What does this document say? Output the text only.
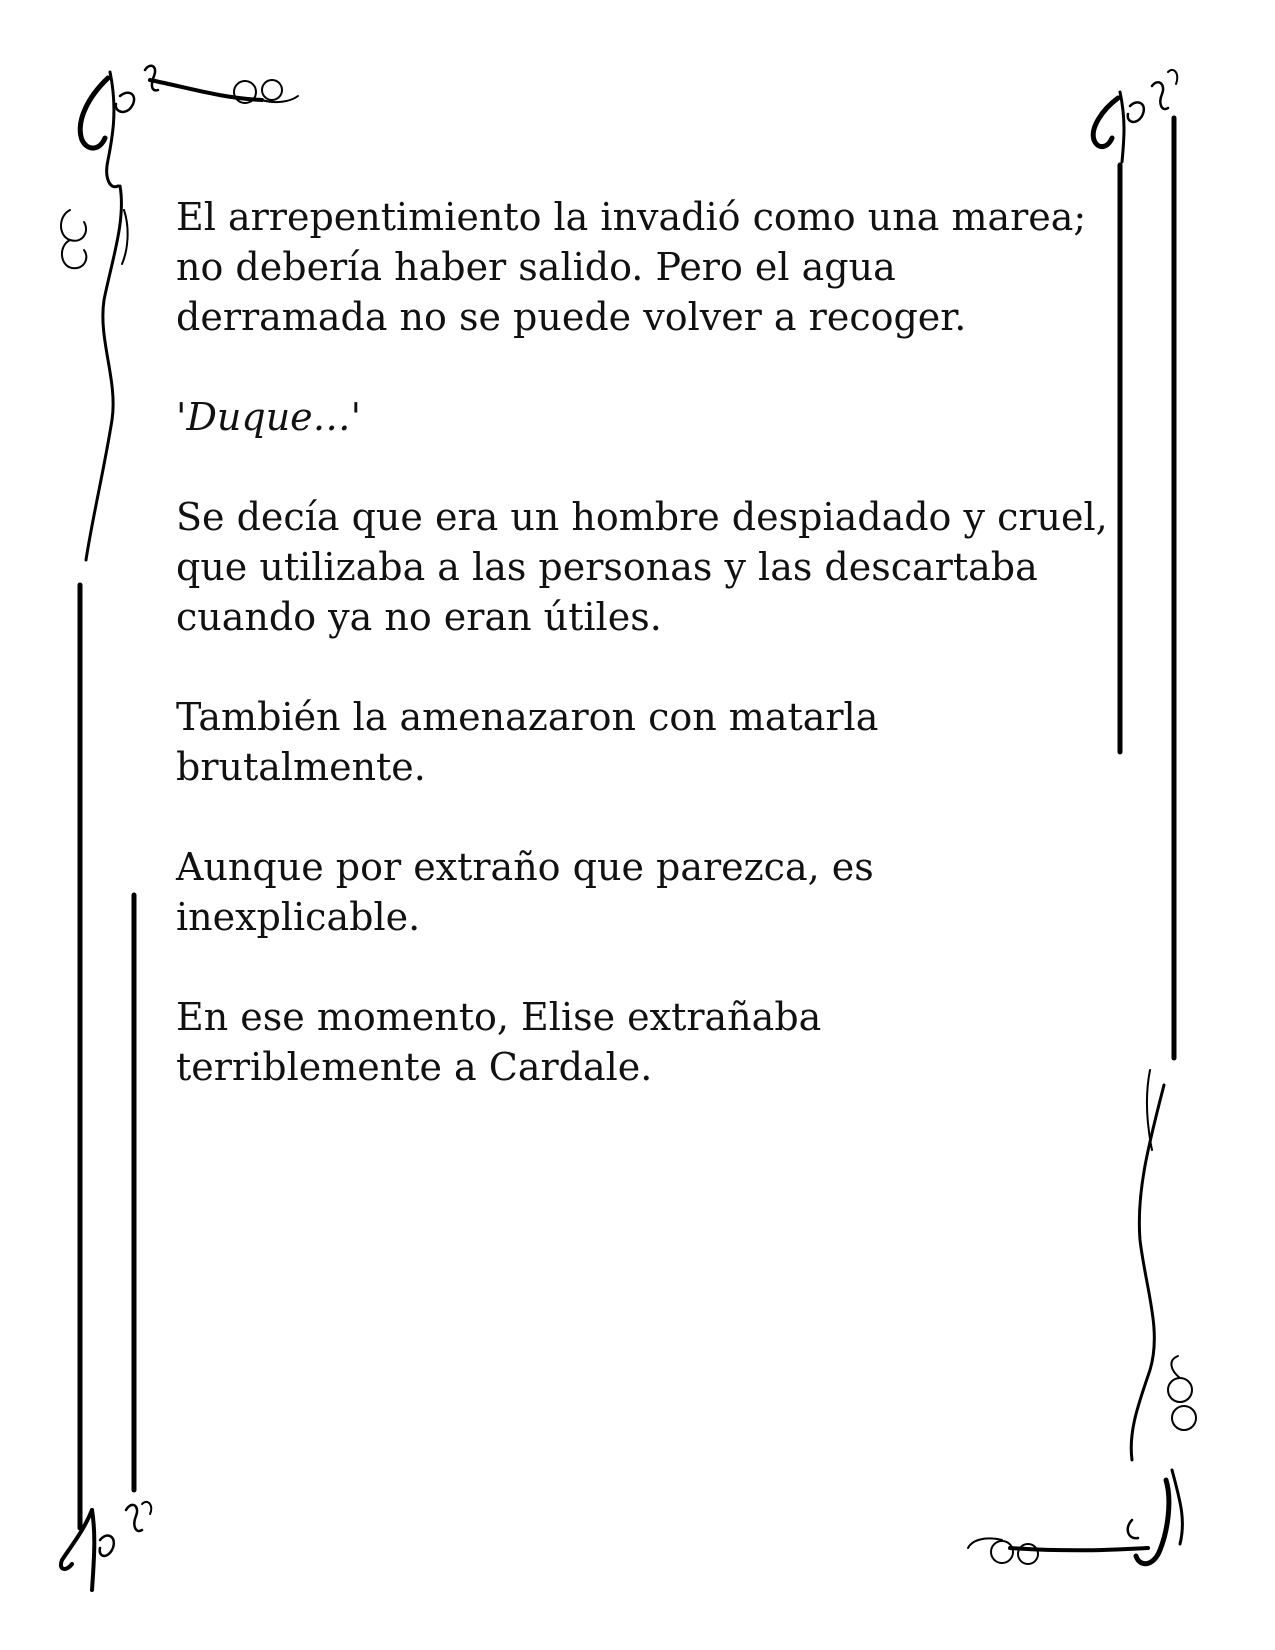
El arrepentimiento la invadió como una marea;
no debería haber salido. Pero el agua
derramada no se puede volver a recoger.

'Duque…'

Se decía que era un hombre despiadado y cruel,
que utilizaba a las personas y las descartaba
cuando ya no eran útiles.

También la amenazaron con matarla
brutalmente.

Aunque por extraño que parezca, es
inexplicable.

En ese momento, Elise extrañaba
terriblemente a Cardale.
